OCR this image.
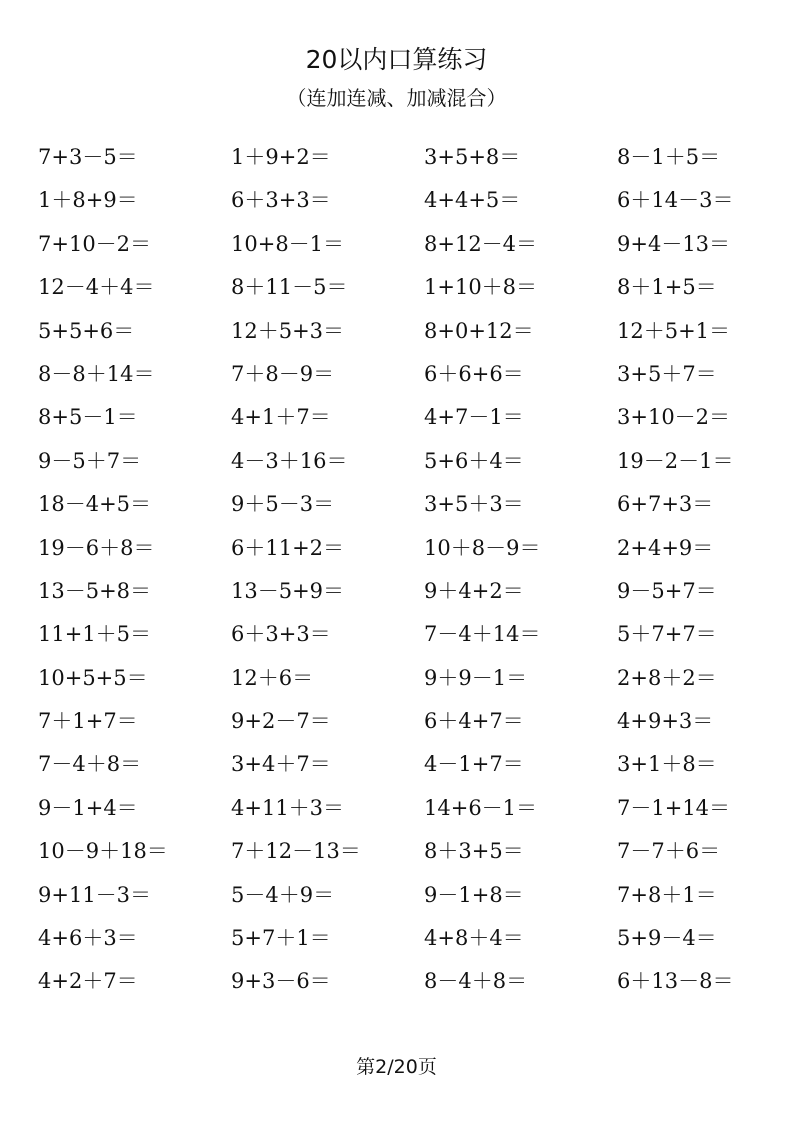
20以内口算练习
（连加连减、加减混合）
7+3－5＝	1＋9+2＝	3+5+8＝	8－1＋5＝
1＋8+9＝	6＋3+3＝	4+4+5＝	6＋14－3＝
7+10－2＝	10+8－1＝	8+12－4＝	9+4－13＝
12－4＋4＝	8＋11－5＝	1+10＋8＝	8＋1+5＝
5+5+6＝	12＋5+3＝	8+0+12＝	12＋5+1＝
8－8＋14＝	7＋8－9＝	6＋6+6＝	3+5＋7＝
8+5－1＝	4+1＋7＝	4+7－1＝	3+10－2＝
9－5＋7＝	4－3＋16＝	5+6＋4＝	19－2－1＝
18－4+5＝	9＋5－3＝	3+5＋3＝	6+7+3＝
19－6＋8＝	6＋11+2＝	10＋8－9＝	2+4+9＝
13－5+8＝	13－5+9＝	9＋4+2＝	9－5+7＝
11+1＋5＝	6＋3+3＝	7－4＋14＝	5＋7+7＝
10+5+5＝	12＋6＝	9＋9－1＝	2+8＋2＝
7＋1+7＝	9+2－7＝	6＋4+7＝	4+9+3＝
7－4＋8＝	3+4＋7＝	4－1+7＝	3+1＋8＝
9－1+4＝	4+11＋3＝	14+6－1＝	7－1+14＝
10－9＋18＝	7＋12－13＝	8＋3+5＝	7－7＋6＝
9+11－3＝	5－4＋9＝	9－1+8＝	7+8＋1＝
4+6＋3＝	5+7＋1＝	4+8＋4＝	5+9－4＝
4+2＋7＝	9+3－6＝	8－4＋8＝	6＋13－8＝
第2/20页
